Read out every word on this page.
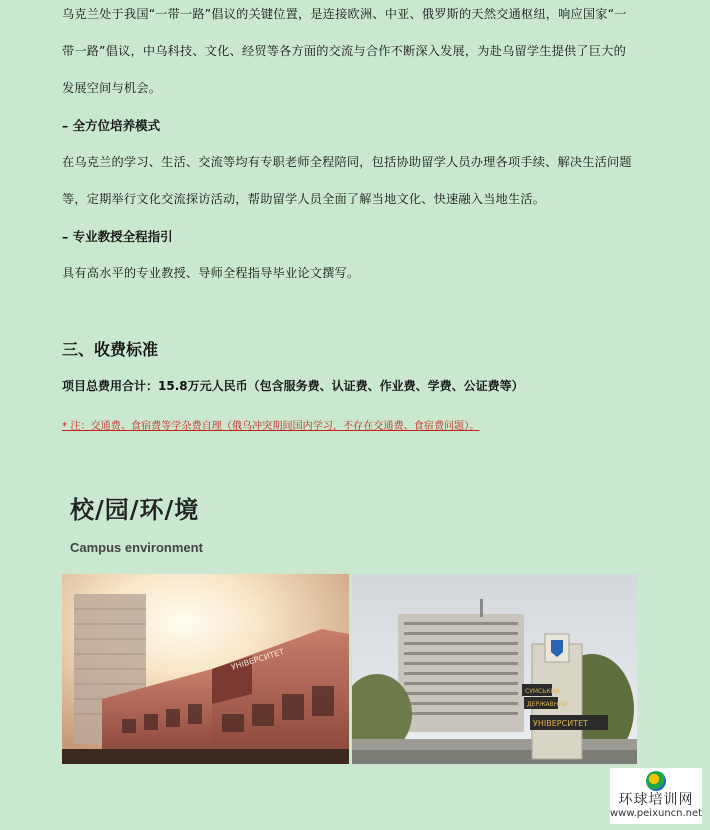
乌克兰处于我国“一带一路”倡议的关键位置，是连接欧洲、中亚、俄罗斯的天然交通枢纽，响应国家“一

带一路”倡议，中乌科技、文化、经贸等各方面的交流与合作不断深入发展，为赴乌留学生提供了巨大的

发展空间与机会。

– 全方位培养模式

在乌克兰的学习、生活、交流等均有专职老师全程陪同，包括协助留学人员办理各项手续、解决生活问题

等，定期举行文化交流探访活动，帮助留学人员全面了解当地文化、快速融入当地生活。

– 专业教授全程指引

具有高水平的专业教授、导师全程指导毕业论文撰写。

三、收费标准

项目总费用合计：15.8万元人民币（包含服务费、认证费、作业费、学费、公证费等）

* 注：交通费、食宿费等学杂费自理（俄乌冲突期间国内学习，不存在交通费、食宿费问题）。

校/园/环/境

Campus environment

УНІВЕРСИТЕТ
СУМСЬКИЙ
ДЕРЖАВНИЙ
УНІВЕРСИТЕТ
环球培训网
www.peixuncn.net
